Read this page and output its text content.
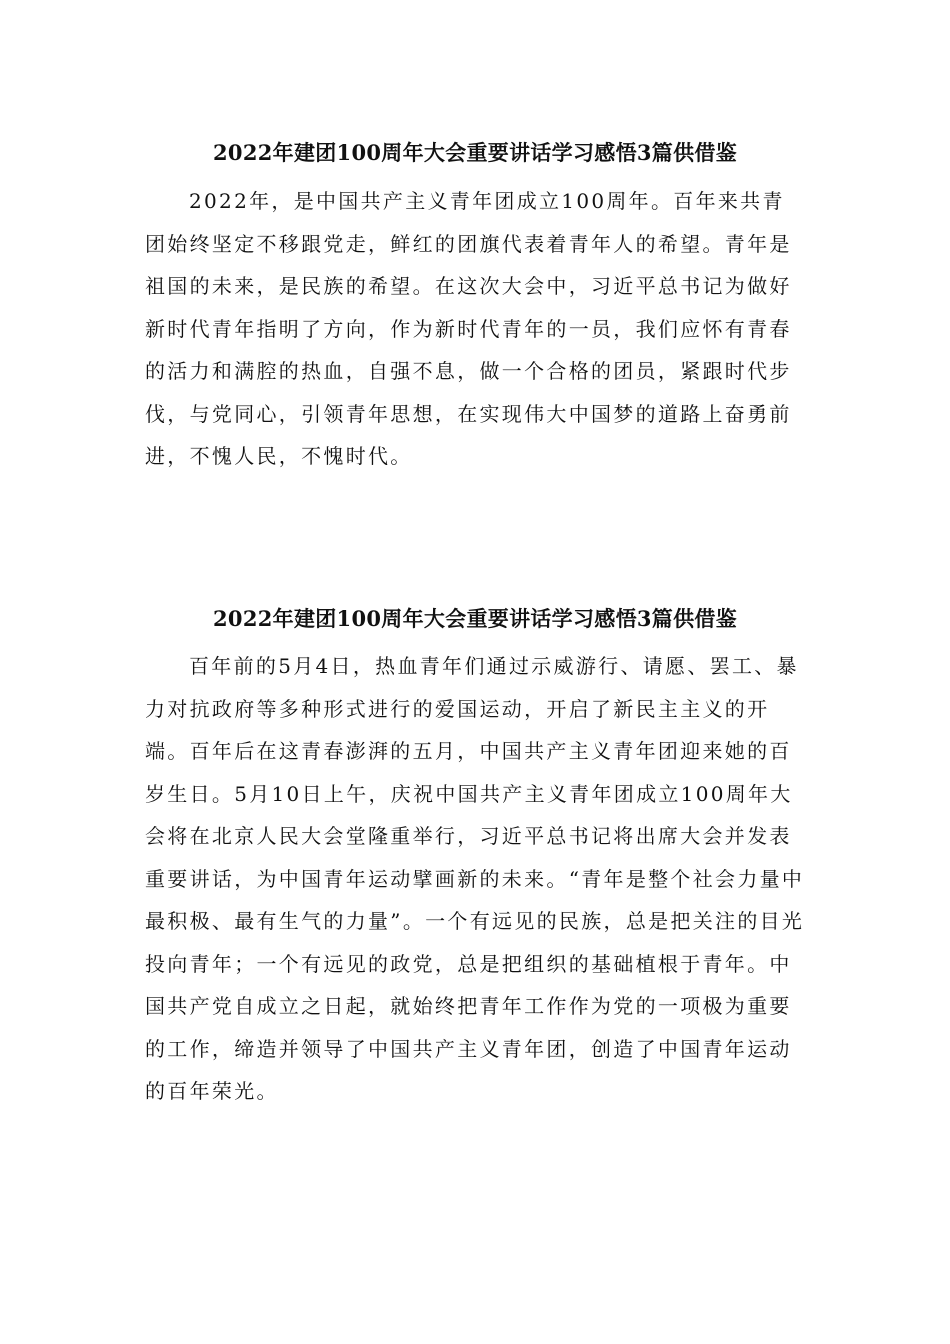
2022年建团100周年大会重要讲话学习感悟3篇供借鉴

2022年，是中国共产主义青年团成立100周年。百年来共青团始终坚定不移跟党走，鲜红的团旗代表着青年人的希望。青年是祖国的未来，是民族的希望。在这次大会中，习近平总书记为做好新时代青年指明了方向，作为新时代青年的一员，我们应怀有青春的活力和满腔的热血，自强不息，做一个合格的团员，紧跟时代步伐，与党同心，引领青年思想，在实现伟大中国梦的道路上奋勇前进，不愧人民，不愧时代。

2022年建团100周年大会重要讲话学习感悟3篇供借鉴

百年前的5月4日，热血青年们通过示威游行、请愿、罢工、暴力对抗政府等多种形式进行的爱国运动，开启了新民主主义的开端。百年后在这青春澎湃的五月，中国共产主义青年团迎来她的百岁生日。5月10日上午，庆祝中国共产主义青年团成立100周年大会将在北京人民大会堂隆重举行，习近平总书记将出席大会并发表重要讲话，为中国青年运动擘画新的未来。“青年是整个社会力量中最积极、最有生气的力量”。一个有远见的民族，总是把关注的目光投向青年；一个有远见的政党，总是把组织的基础植根于青年。中国共产党自成立之日起，就始终把青年工作作为党的一项极为重要的工作，缔造并领导了中国共产主义青年团，创造了中国青年运动的百年荣光。
